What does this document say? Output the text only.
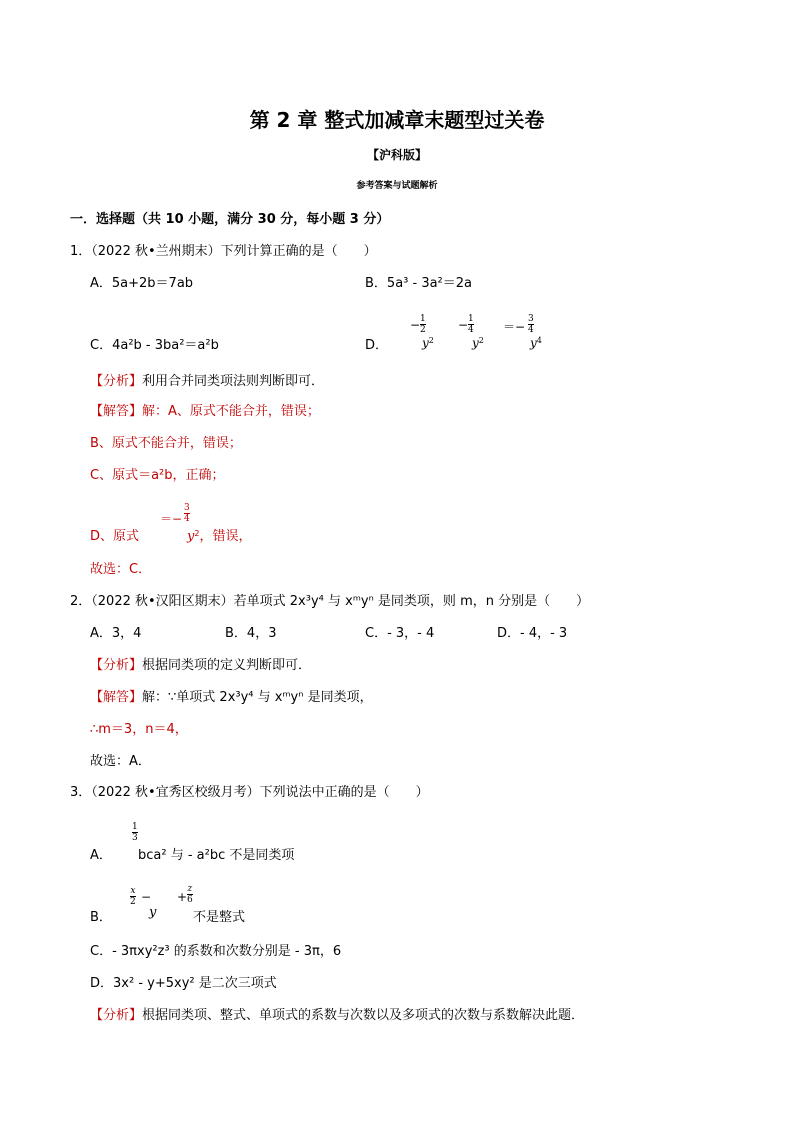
第 2 章 整式加减章末题型过关卷
【沪科版】
参考答案与试题解析
一．选择题（共 10 小题，满分 30 分，每小题 3 分）
1．（2022 秋•兰州期末）下列计算正确的是（　　）
A．5a+2b＝7ab	B．5a³ - 3a²＝2a
C．4a²b - 3ba²＝a²b	D．
− 1
2
$y^2$
− 1
4
$y^2$
＝−
3
4
$y^4$
【分析】利用合并同类项法则判断即可．
【解答】解：A、原式不能合并，错误；
B、原式不能合并，错误；
C、原式＝a²b，正确；
D、原式
＝−
3
4
$y^2$，错误，
故选：C．
2．（2022 秋•汉阳区期末）若单项式 2x³y⁴ 与 xᵐyⁿ 是同类项，则 m，n 分别是（　　）
A．3，4	B．4，3	C．- 3，- 4	D．- 4，- 3
【分析】根据同类项的定义判断即可．
【解答】解：∵单项式 2x³y⁴ 与 xᵐyⁿ 是同类项，
∴m＝3，n＝4，
故选：A．
3．（2022 秋•宜秀区校级月考）下列说法中正确的是（　　）
A．
1
3
bca² 与 - a²bc 不是同类项
B．
x
2 −
y
+
z
6
不是整式
C．- 3πxy²z³ 的系数和次数分别是 - 3π，6
D．3x² - y+5xy² 是二次三项式
【分析】根据同类项、整式、单项式的系数与次数以及多项式的次数与系数解决此题．
